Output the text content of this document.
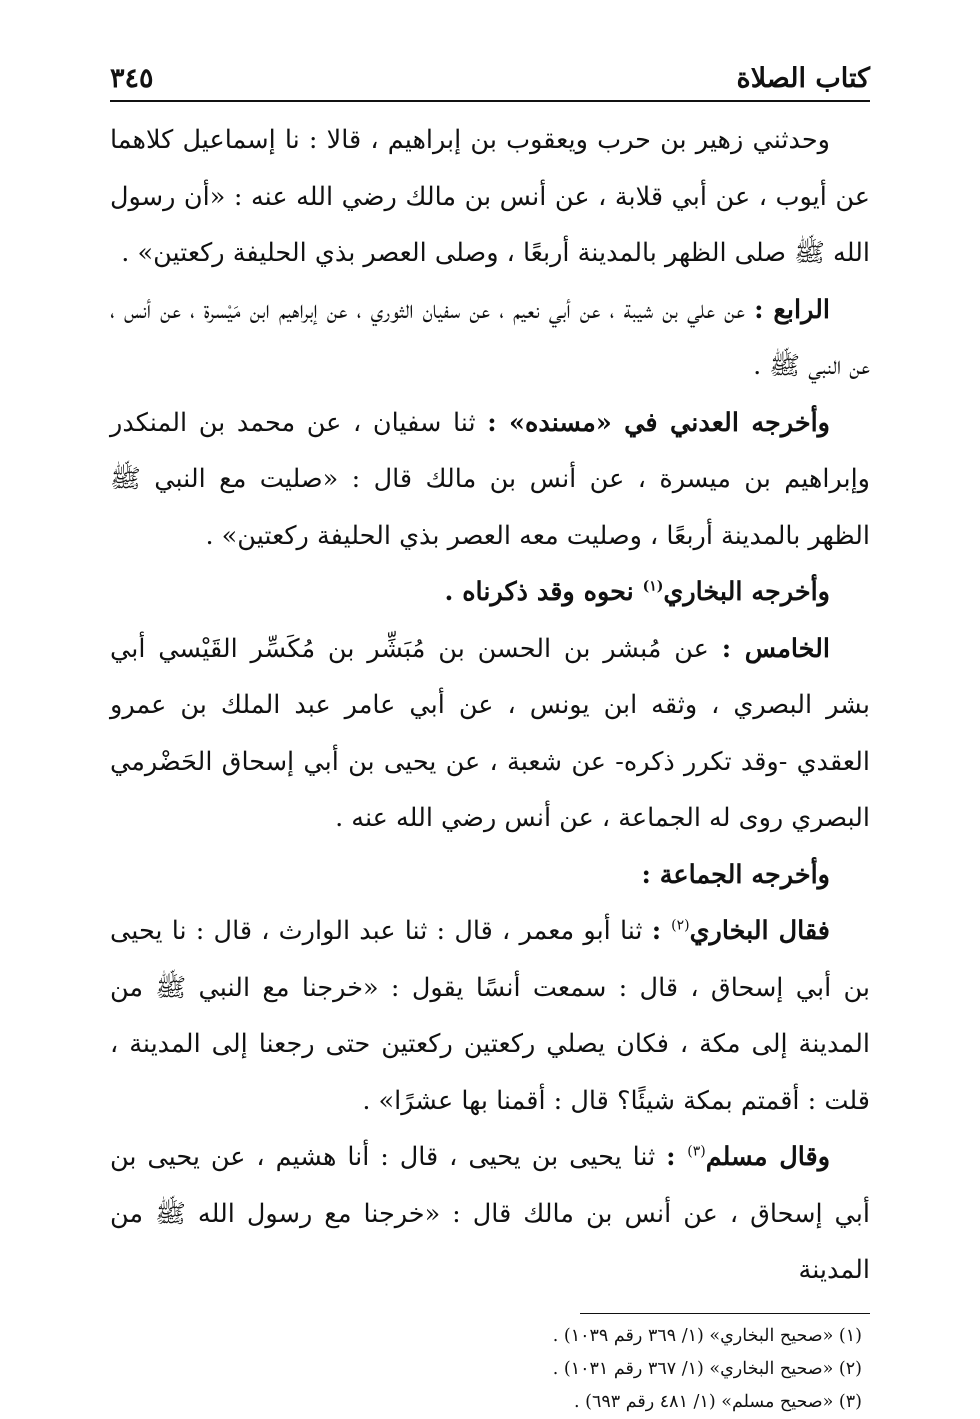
كتاب الصلاة
٣٤٥

وحدثني زهير بن حرب ويعقوب بن إبراهيم ، قالا : نا إسماعيل كلاهما عن أيوب ، عن أبي قلابة ، عن أنس بن مالك رضي الله عنه : «أن رسول الله ﷺ صلى الظهر بالمدينة أربعًا ، وصلى العصر بذي الحليفة ركعتين» .

الرابع : عن علي بن شيبة ، عن أبي نعيم ، عن سفيان الثوري ، عن إبراهيم ابن مَيْسرة ، عن أنس ، عن النبي ﷺ .

وأخرجه العدني في «مسنده» : ثنا سفيان ، عن محمد بن المنكدر وإبراهيم بن ميسرة ، عن أنس بن مالك قال : «صليت مع النبي ﷺ الظهر بالمدينة أربعًا ، وصليت معه العصر بذي الحليفة ركعتين» .

وأخرجه البخاري$^{(١)}$ نحوه وقد ذكرناه .

الخامس : عن مُبشر بن الحسن بن مُبَشِّر بن مُكَسِّر القَيْسي أبي بشر البصري ، وثقه ابن يونس ، عن أبي عامر عبد الملك بن عمرو العقدي -وقد تكرر ذكره- عن شعبة ، عن يحيى بن أبي إسحاق الحَضْرمي البصري روى له الجماعة ، عن أنس رضي الله عنه .

وأخرجه الجماعة :

فقال البخاري$^{(٢)}$ : ثنا أبو معمر ، قال : ثنا عبد الوارث ، قال : نا يحيى بن أبي إسحاق ، قال : سمعت أنسًا يقول : «خرجنا مع النبي ﷺ من المدينة إلى مكة ، فكان يصلي ركعتين ركعتين حتى رجعنا إلى المدينة ، قلت : أقمتم بمكة شيئًا؟ قال : أقمنا بها عشرًا» .

وقال مسلم$^{(٣)}$ : ثنا يحيى بن يحيى ، قال : أنا هشيم ، عن يحيى بن أبي إسحاق ، عن أنس بن مالك قال : «خرجنا مع رسول الله ﷺ من المدينة

(١) «صحيح البخاري» (١/ ٣٦٩ رقم ١٠٣٩) .

(٢) «صحيح البخاري» (١/ ٣٦٧ رقم ١٠٣١) .

(٣) «صحيح مسلم» (١/ ٤٨١ رقم ٦٩٣) .
